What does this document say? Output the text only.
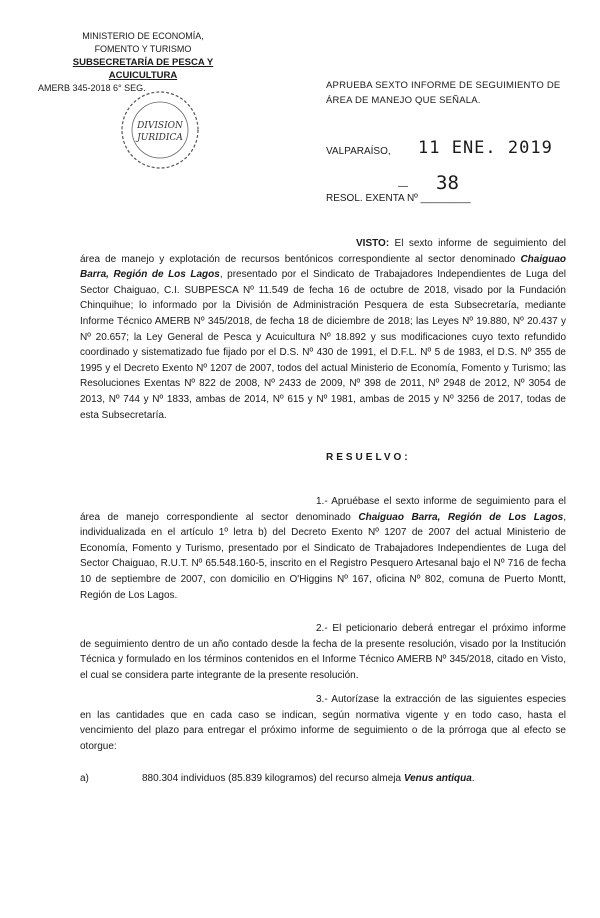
MINISTERIO DE ECONOMÍA,
FOMENTO Y TURISMO
SUBSECRETARÍA DE PESCA Y ACUICULTURA
AMERB 345-2018 6° SEG.
DIVISION
JURIDICA
APRUEBA SEXTO INFORME DE SEGUIMIENTO DE ÁREA DE MANEJO QUE SEÑALA.
VALPARAÍSO, 11 ENE. 2019
— 38
RESOL. EXENTA Nº _________
VISTO: El sexto informe de seguimiento del área de manejo y explotación de recursos bentónicos correspondiente al sector denominado Chaiguao Barra, Región de Los Lagos, presentado por el Sindicato de Trabajadores Independientes de Luga del Sector Chaiguao, C.I. SUBPESCA Nº 11.549 de fecha 16 de octubre de 2018, visado por la Fundación Chinquihue; lo informado por la División de Administración Pesquera de esta Subsecretaría, mediante Informe Técnico AMERB Nº 345/2018, de fecha 18 de diciembre de 2018; las Leyes Nº 19.880, Nº 20.437 y Nº 20.657; la Ley General de Pesca y Acuicultura Nº 18.892 y sus modificaciones cuyo texto refundido coordinado y sistematizado fue fijado por el D.S. Nº 430 de 1991, el D.F.L. Nº 5 de 1983, el D.S. Nº 355 de 1995 y el Decreto Exento Nº 1207 de 2007, todos del actual Ministerio de Economía, Fomento y Turismo; las Resoluciones Exentas Nº 822 de 2008, Nº 2433 de 2009, Nº 398 de 2011, Nº 2948 de 2012, Nº 3054 de 2013, Nº 744 y Nº 1833, ambas de 2014, Nº 615 y Nº 1981, ambas de 2015 y Nº 3256 de 2017, todas de esta Subsecretaría.
RESUELVO:
1.- Apruébase el sexto informe de seguimiento para el área de manejo correspondiente al sector denominado Chaiguao Barra, Región de Los Lagos, individualizada en el artículo 1º letra b) del Decreto Exento Nº 1207 de 2007 del actual Ministerio de Economía, Fomento y Turismo, presentado por el Sindicato de Trabajadores Independientes de Luga del Sector Chaiguao, R.U.T. Nº 65.548.160-5, inscrito en el Registro Pesquero Artesanal bajo el Nº 716 de fecha 10 de septiembre de 2007, con domicilio en O'Higgins Nº 167, oficina Nº 802, comuna de Puerto Montt, Región de Los Lagos.
2.- El peticionario deberá entregar el próximo informe de seguimiento dentro de un año contado desde la fecha de la presente resolución, visado por la Institución Técnica y formulado en los términos contenidos en el Informe Técnico AMERB Nº 345/2018, citado en Visto, el cual se considera parte integrante de la presente resolución.
3.- Autorízase la extracción de las siguientes especies en las cantidades que en cada caso se indican, según normativa vigente y en todo caso, hasta el vencimiento del plazo para entregar el próximo informe de seguimiento o de la prórroga que al efecto se otorgue:
a)	880.304 individuos (85.839 kilogramos) del recurso almeja Venus antiqua.
